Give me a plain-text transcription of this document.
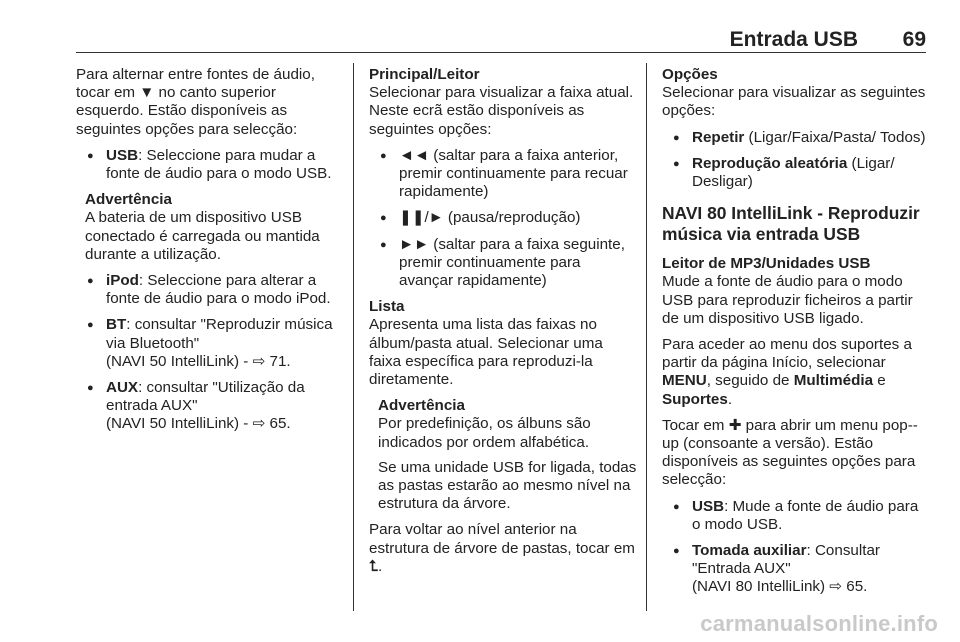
Entrada USB 69

Para alternar entre fontes de áudio, tocar em ▼ no canto superior esquerdo. Estão disponíveis as seguintes opções para selecção:

● USB: Seleccione para mudar a fonte de áudio para o modo USB.
Advertência
A bateria de um dispositivo USB conectado é carregada ou mantida durante a utilização.
● iPod: Seleccione para alterar a fonte de áudio para o modo iPod.
● BT: consultar "Reproduzir música via Bluetooth"
(NAVI 50 IntelliLink) - ⇨ 71.
● AUX: consultar "Utilização da entrada AUX"
(NAVI 50 IntelliLink) - ⇨ 65.

Principal/Leitor

Selecionar para visualizar a faixa atual. Neste ecrã estão disponíveis as seguintes opções:

● ◄◄ (saltar para a faixa anterior, premir continuamente para recuar rapidamente)
● ❚❚/► (pausa/reprodução)
● ►► (saltar para a faixa seguinte, premir continuamente para avançar rapidamente)

Lista

Apresenta uma lista das faixas no álbum/pasta atual. Selecionar uma faixa específica para reproduzi-la diretamente.

Advertência

Por predefinição, os álbuns são indicados por ordem alfabética.

Se uma unidade USB for ligada, todas as pastas estarão ao mesmo nível na estrutura da árvore.

Para voltar ao nível anterior na estrutura de árvore de pastas, tocar em ⮤.

Opções

Selecionar para visualizar as seguintes opções:

● Repetir (Ligar/Faixa/Pasta/ Todos)
● Reprodução aleatória (Ligar/ Desligar)
NAVI 80 IntelliLink - Reproduzir música via entrada USB

Leitor de MP3/Unidades USB

Mude a fonte de áudio para o modo USB para reproduzir ficheiros a partir de um dispositivo USB ligado.

Para aceder ao menu dos suportes a partir da página Início, selecionar MENU, seguido de Multimédia e Suportes.

Tocar em ✚ para abrir um menu pop--up (consoante a versão). Estão disponíveis as seguintes opções para selecção:

● USB: Mude a fonte de áudio para o modo USB.
● Tomada auxiliar: Consultar "Entrada AUX"
(NAVI 80 IntelliLink) ⇨ 65.
carmanualsonline.info
